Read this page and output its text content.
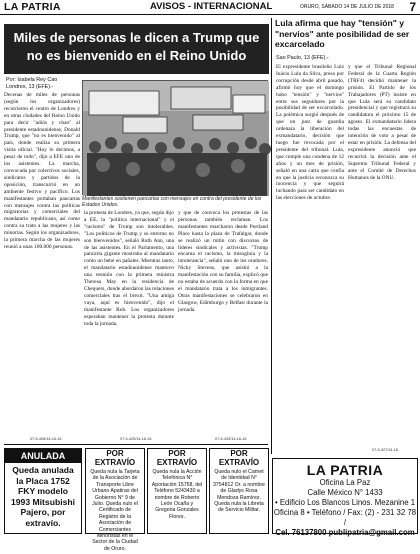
LA PATRIA	AVISOS - INTERNACIONAL	ORURO, SÁBADO 14 DE JULIO DE 2018 7
Miles de personas le dicen a Trump que
no es bienvenido en el Reino Unido
Lula afirma que hay "tensión" y "nervios" ante posibilidad de ser excarcelado
Por: Isabela Rey Cao
Londres, 13 (EFE).-
Sao Paulo, 13 (EFE).-
Manifestantes sostienen pancartas con mensajes en contra del presidente de los Estados Unidos.
Decenas de miles de personas (según los organizadores) recorrieron el centro de Londres y en otras ciudades del Reino Unido para decir "adiós y chao" al presidente estadounidense, Donald Trump, que "no es bienvenido" al país, donde realiza su primera visita oficial. "Hoy lo decimos, a pesar de todo", dijo a EFE uno de los asistentes. La marcha, convocada por colectivos sociales, sindicatos y partidos de la oposición, transcurrió en un ambiente festivo y pacífico. Los manifestantes portaban pancartas con mensajes contra las políticas migratorias y comerciales del mandatario republicano, así como contra su trato a las mujeres y las minorías. Según los organizadores, la primera marcha de las mujeres reunió a unas 100.000 personas.
la protesta de Londres, ya que, según dijo a EE, la "política internacional" y el "racismo" de Trump son intolerables. "Los políticos de Trump y su entorno no son bienvenidos", señaló Ruth Ann, una de las asistentes. En el Parlamento, una pancarta gigante mostraba al mandatario como un bebé en pañales. Mientras tanto, el mandatario estadounidense mantuvo una reunión con la primera ministra Theresa May en la residencia de Chequers, donde abordaron las relaciones comerciales tras el brexit. "Una amiga vaya, aquí es bienvenido", dijo el manifestante Rob. Los organizadores esperaban mantener la protesta durante toda la jornada.
y que de convoca los protestas de las personas también reclaman. Los manifestantes marcharon desde Portland Place hasta la plaza de Trafalgar, donde se realizó un mitin con discursos de líderes sindicales y activistas. "Trump encarna el racismo, la misoginia y la intolerancia", señaló uno de los oradores. Nicky Stevens, que asistió a la manifestación con su familia, explicó que no estaba de acuerdo con la forma en que el mandatario trata a los inmigrantes. Otras manifestaciones se celebraron en Glasgow, Edimburgo y Belfast durante la jornada.
El expresidente brasileño Luiz Inácio Lula da Silva, preso por corrupción desde abril pasado, afirmó hoy que el domingo hubo "tensión" y "nervios" entre sus seguidores por la posibilidad de ser excarcelado. La polémica surgió después de que un juez de guardia ordenara la liberación del exmandatario, decisión que luego fue revocada por el presidente del tribunal. Lula, que cumple una condena de 12 años y un mes de prisión, señaló en una carta que confía en que la justicia reconozca su inocencia y que seguirá luchando para ser candidato en las elecciones de octubre.
y que el Tribunal Regional Federal de la Cuarta Región (TRF4) decidió mantener la prisión. El Partido de los Trabajadores (PT) insiste en que Lula será su candidato presidencial y que registrará su candidatura el próximo 15 de agosto. El exmandatario lidera todas las encuestas de intención de voto a pesar de estar en prisión. La defensa del expresidente anunció que recurrirá la decisión ante el Supremo Tribunal Federal y ante el Comité de Derechos Humanos de la ONU.
ANULADA
Queda anulada la Placa 1752 FKY modelo 1993 Mitsubishi Pajero, por extravío.
POR EXTRAVÍO
Queda nula la Tarjeta de la Asociación de Transporte Libre Urbano Apatiras del Gobierno N° 9 de Julio. Queda nulo el Certificado de Registro de la Asociación de Comerciantes Minoristas en el Sector de la Ciudad de Oruro.
POR EXTRAVÍO
Queda nula la Acción Telefónica N° Aportación 15758, del Teléfono 5243430 a nombre de Roberto León Ocaña y Gregoria Gonzales Flores.
POR EXTRAVÍO
Queda nulo el Carnet de Identidad N° 3754812 Or. a nombre de Gladys Rosa Mendoza Ramírez. Queda nula la Libreta de Servicio Militar.
LA PATRIA
Oficina La Paz
Calle México N° 1433
• Edificio Los Blancos Linos. Mezanine 1
Oficina 8 • Teléfono / Fax: (2) - 231 32 78 /
Cel. 76137800 publipatria@gmail.com
07-5-406/14-16-16	07-5-425/14-16-16	07-5-433/14-16-16
07-5-427/14-16
